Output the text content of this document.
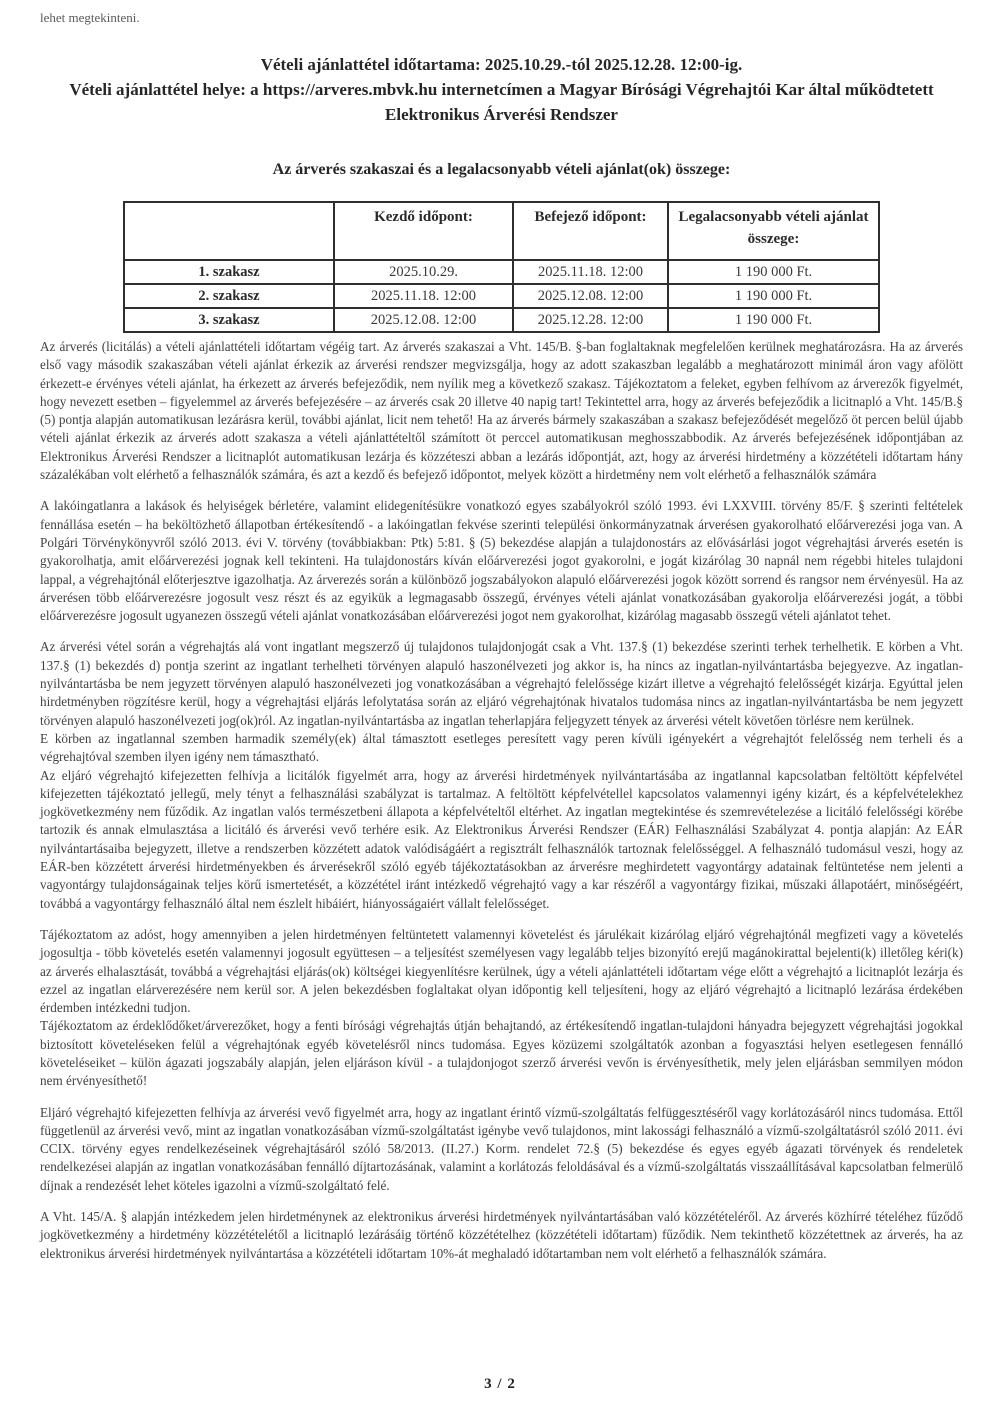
lehet megtekinteni.
Vételi ajánlattétel időtartama: 2025.10.29.-tól 2025.12.28. 12:00-ig.
Vételi ajánlattétel helye: a https://arveres.mbvk.hu internetcímen a Magyar Bírósági Végrehajtói Kar által működtetett Elektronikus Árverési Rendszer
Az árverés szakaszai és a legalacsonyabb vételi ajánlat(ok) összege:
	Kezdő időpont:	Befejező időpont:	Legalacsonyabb vételi ajánlat összege:
1. szakasz	2025.10.29.	2025.11.18. 12:00	1 190 000 Ft.
2. szakasz	2025.11.18. 12:00	2025.12.08. 12:00	1 190 000 Ft.
3. szakasz	2025.12.08. 12:00	2025.12.28. 12:00	1 190 000 Ft.

Az árverés (licitálás) a vételi ajánlattételi időtartam végéig tart. Az árverés szakaszai a Vht. 145/B. §-ban foglaltaknak megfelelően kerülnek meghatározásra. Ha az árverés első vagy második szakaszában vételi ajánlat érkezik az árverési rendszer megvizsgálja, hogy az adott szakaszban legalább a meghatározott minimál áron vagy afölött érkezett-e érvényes vételi ajánlat, ha érkezett az árverés befejeződik, nem nyílik meg a következő szakasz. Tájékoztatom a feleket, egyben felhívom az árverezők figyelmét, hogy nevezett esetben – figyelemmel az árverés befejezésére – az árverés csak 20 illetve 40 napig tart! Tekintettel arra, hogy az árverés befejeződik a licitnapló a Vht. 145/B.§ (5) pontja alapján automatikusan lezárásra kerül, további ajánlat, licit nem tehető! Ha az árverés bármely szakaszában a szakasz befejeződését megelőző öt percen belül újabb vételi ajánlat érkezik az árverés adott szakasza a vételi ajánlattételtől számított öt perccel automatikusan meghosszabbodik. Az árverés befejezésének időpontjában az Elektronikus Árverési Rendszer a licitnaplót automatikusan lezárja és közzéteszi abban a lezárás időpontját, azt, hogy az árverési hirdetmény a közzétételi időtartam hány százalékában volt elérhető a felhasználók számára, és azt a kezdő és befejező időpontot, melyek között a hirdetmény nem volt elérhető a felhasználók számára

A lakóingatlanra a lakások és helyiségek bérletére, valamint elidegenítésükre vonatkozó egyes szabályokról szóló 1993. évi LXXVIII. törvény 85/F. § szerinti feltételek fennállása esetén – ha beköltözhető állapotban értékesítendő - a lakóingatlan fekvése szerinti települési önkormányzatnak árverésen gyakorolható előárverezési joga van. A Polgári Törvénykönyvről szóló 2013. évi V. törvény (továbbiakban: Ptk) 5:81. § (5) bekezdése alapján a tulajdonostárs az elővásárlási jogot végrehajtási árverés esetén is gyakorolhatja, amit előárverezési jognak kell tekinteni. Ha tulajdonostárs kíván előárverezési jogot gyakorolni, e jogát kizárólag 30 napnál nem régebbi hiteles tulajdoni lappal, a végrehajtónál előterjesztve igazolhatja. Az árverezés során a különböző jogszabályokon alapuló előárverezési jogok között sorrend és rangsor nem érvényesül. Ha az árverésen több előárverezésre jogosult vesz részt és az egyikük a legmagasabb összegű, érvényes vételi ajánlat vonatkozásában gyakorolja előárverezési jogát, a többi előárverezésre jogosult ugyanezen összegű vételi ajánlat vonatkozásában előárverezési jogot nem gyakorolhat, kizárólag magasabb összegű vételi ajánlatot tehet.

Az árverési vétel során a végrehajtás alá vont ingatlant megszerző új tulajdonos tulajdonjogát csak a Vht. 137.§ (1) bekezdése szerinti terhek terhelhetik. E körben a Vht. 137.§ (1) bekezdés d) pontja szerint az ingatlant terhelheti törvényen alapuló haszonélvezeti jog akkor is, ha nincs az ingatlan-nyilvántartásba bejegyezve. Az ingatlan-nyilvántartásba be nem jegyzett törvényen alapuló haszonélvezeti jog vonatkozásában a végrehajtó felelőssége kizárt illetve a végrehajtó felelősségét kizárja. Egyúttal jelen hirdetményben rögzítésre kerül, hogy a végrehajtási eljárás lefolytatása során az eljáró végrehajtónak hivatalos tudomása nincs az ingatlan-nyilvántartásba be nem jegyzett törvényen alapuló haszonélvezeti jog(ok)ról. Az ingatlan-nyilvántartásba az ingatlan teherlapjára feljegyzett tények az árverési vételt követően törlésre nem kerülnek.

E körben az ingatlannal szemben harmadik személy(ek) által támasztott esetleges peresített vagy peren kívüli igényekért a végrehajtót felelősség nem terheli és a végrehajtóval szemben ilyen igény nem támasztható.

Az eljáró végrehajtó kifejezetten felhívja a licitálók figyelmét arra, hogy az árverési hirdetmények nyilvántartásába az ingatlannal kapcsolatban feltöltött képfelvétel kifejezetten tájékoztató jellegű, mely tényt a felhasználási szabályzat is tartalmaz. A feltöltött képfelvétellel kapcsolatos valamennyi igény kizárt, és a képfelvételekhez jogkövetkezmény nem fűződik. Az ingatlan valós természetbeni állapota a képfelvételtől eltérhet. Az ingatlan megtekintése és szemrevételezése a licitáló felelősségi körébe tartozik és annak elmulasztása a licitáló és árverési vevő terhére esik. Az Elektronikus Árverési Rendszer (EÁR) Felhasználási Szabályzat 4. pontja alapján: Az EÁR nyilvántartásaiba bejegyzett, illetve a rendszerben közzétett adatok valódiságáért a regisztrált felhasználók tartoznak felelősséggel. A felhasználó tudomásul veszi, hogy az EÁR-ben közzétett árverési hirdetményekben és árverésekről szóló egyéb tájékoztatásokban az árverésre meghirdetett vagyontárgy adatainak feltüntetése nem jelenti a vagyontárgy tulajdonságainak teljes körű ismertetését, a közzététel iránt intézkedő végrehajtó vagy a kar részéről a vagyontárgy fizikai, műszaki állapotáért, minőségéért, továbbá a vagyontárgy felhasználó által nem észlelt hibáiért, hiányosságaiért vállalt felelősséget.

Tájékoztatom az adóst, hogy amennyiben a jelen hirdetményen feltüntetett valamennyi követelést és járulékait kizárólag eljáró végrehajtónál megfizeti vagy a követelés jogosultja - több követelés esetén valamennyi jogosult együttesen – a teljesítést személyesen vagy legalább teljes bizonyító erejű magánokirattal bejelenti(k) illetőleg kéri(k) az árverés elhalasztását, továbbá a végrehajtási eljárás(ok) költségei kiegyenlítésre kerülnek, úgy a vételi ajánlattételi időtartam vége előtt a végrehajtó a licitnaplót lezárja és ezzel az ingatlan elárverezésére nem kerül sor. A jelen bekezdésben foglaltakat olyan időpontig kell teljesíteni, hogy az eljáró végrehajtó a licitnapló lezárása érdekében érdemben intézkedni tudjon.

Tájékoztatom az érdeklődőket/árverezőket, hogy a fenti bírósági végrehajtás útján behajtandó, az értékesítendő ingatlan-tulajdoni hányadra bejegyzett végrehajtási jogokkal biztosított követeléseken felül a végrehajtónak egyéb követelésről nincs tudomása. Egyes közüzemi szolgáltatók azonban a fogyasztási helyen esetlegesen fennálló követeléseiket – külön ágazati jogszabály alapján, jelen eljáráson kívül - a tulajdonjogot szerző árverési vevőn is érvényesíthetik, mely jelen eljárásban semmilyen módon nem érvényesíthető!

Eljáró végrehajtó kifejezetten felhívja az árverési vevő figyelmét arra, hogy az ingatlant érintő vízmű-szolgáltatás felfüggesztéséről vagy korlátozásáról nincs tudomása. Ettől függetlenül az árverési vevő, mint az ingatlan vonatkozásában vízmű-szolgáltatást igénybe vevő tulajdonos, mint lakossági felhasználó a vízmű-szolgáltatásról szóló 2011. évi CCIX. törvény egyes rendelkezéseinek végrehajtásáról szóló 58/2013. (II.27.) Korm. rendelet 72.§ (5) bekezdése és egyes egyéb ágazati törvények és rendeletek rendelkezései alapján az ingatlan vonatkozásában fennálló díjtartozásának, valamint a korlátozás feloldásával és a vízmű-szolgáltatás visszaállításával kapcsolatban felmerülő díjnak a rendezését lehet köteles igazolni a vízmű-szolgáltató felé.

A Vht. 145/A. § alapján intézkedem jelen hirdetménynek az elektronikus árverési hirdetmények nyilvántartásában való közzétételéről. Az árverés közhírré tételéhez fűződő jogkövetkezmény a hirdetmény közzétételétől a licitnapló lezárásáig történő közzétételhez (közzétételi időtartam) fűződik. Nem tekinthető közzétettnek az árverés, ha az elektronikus árverési hirdetmények nyilvántartása a közzétételi időtartam 10%-át meghaladó időtartamban nem volt elérhető a felhasználók számára.

3 / 2
